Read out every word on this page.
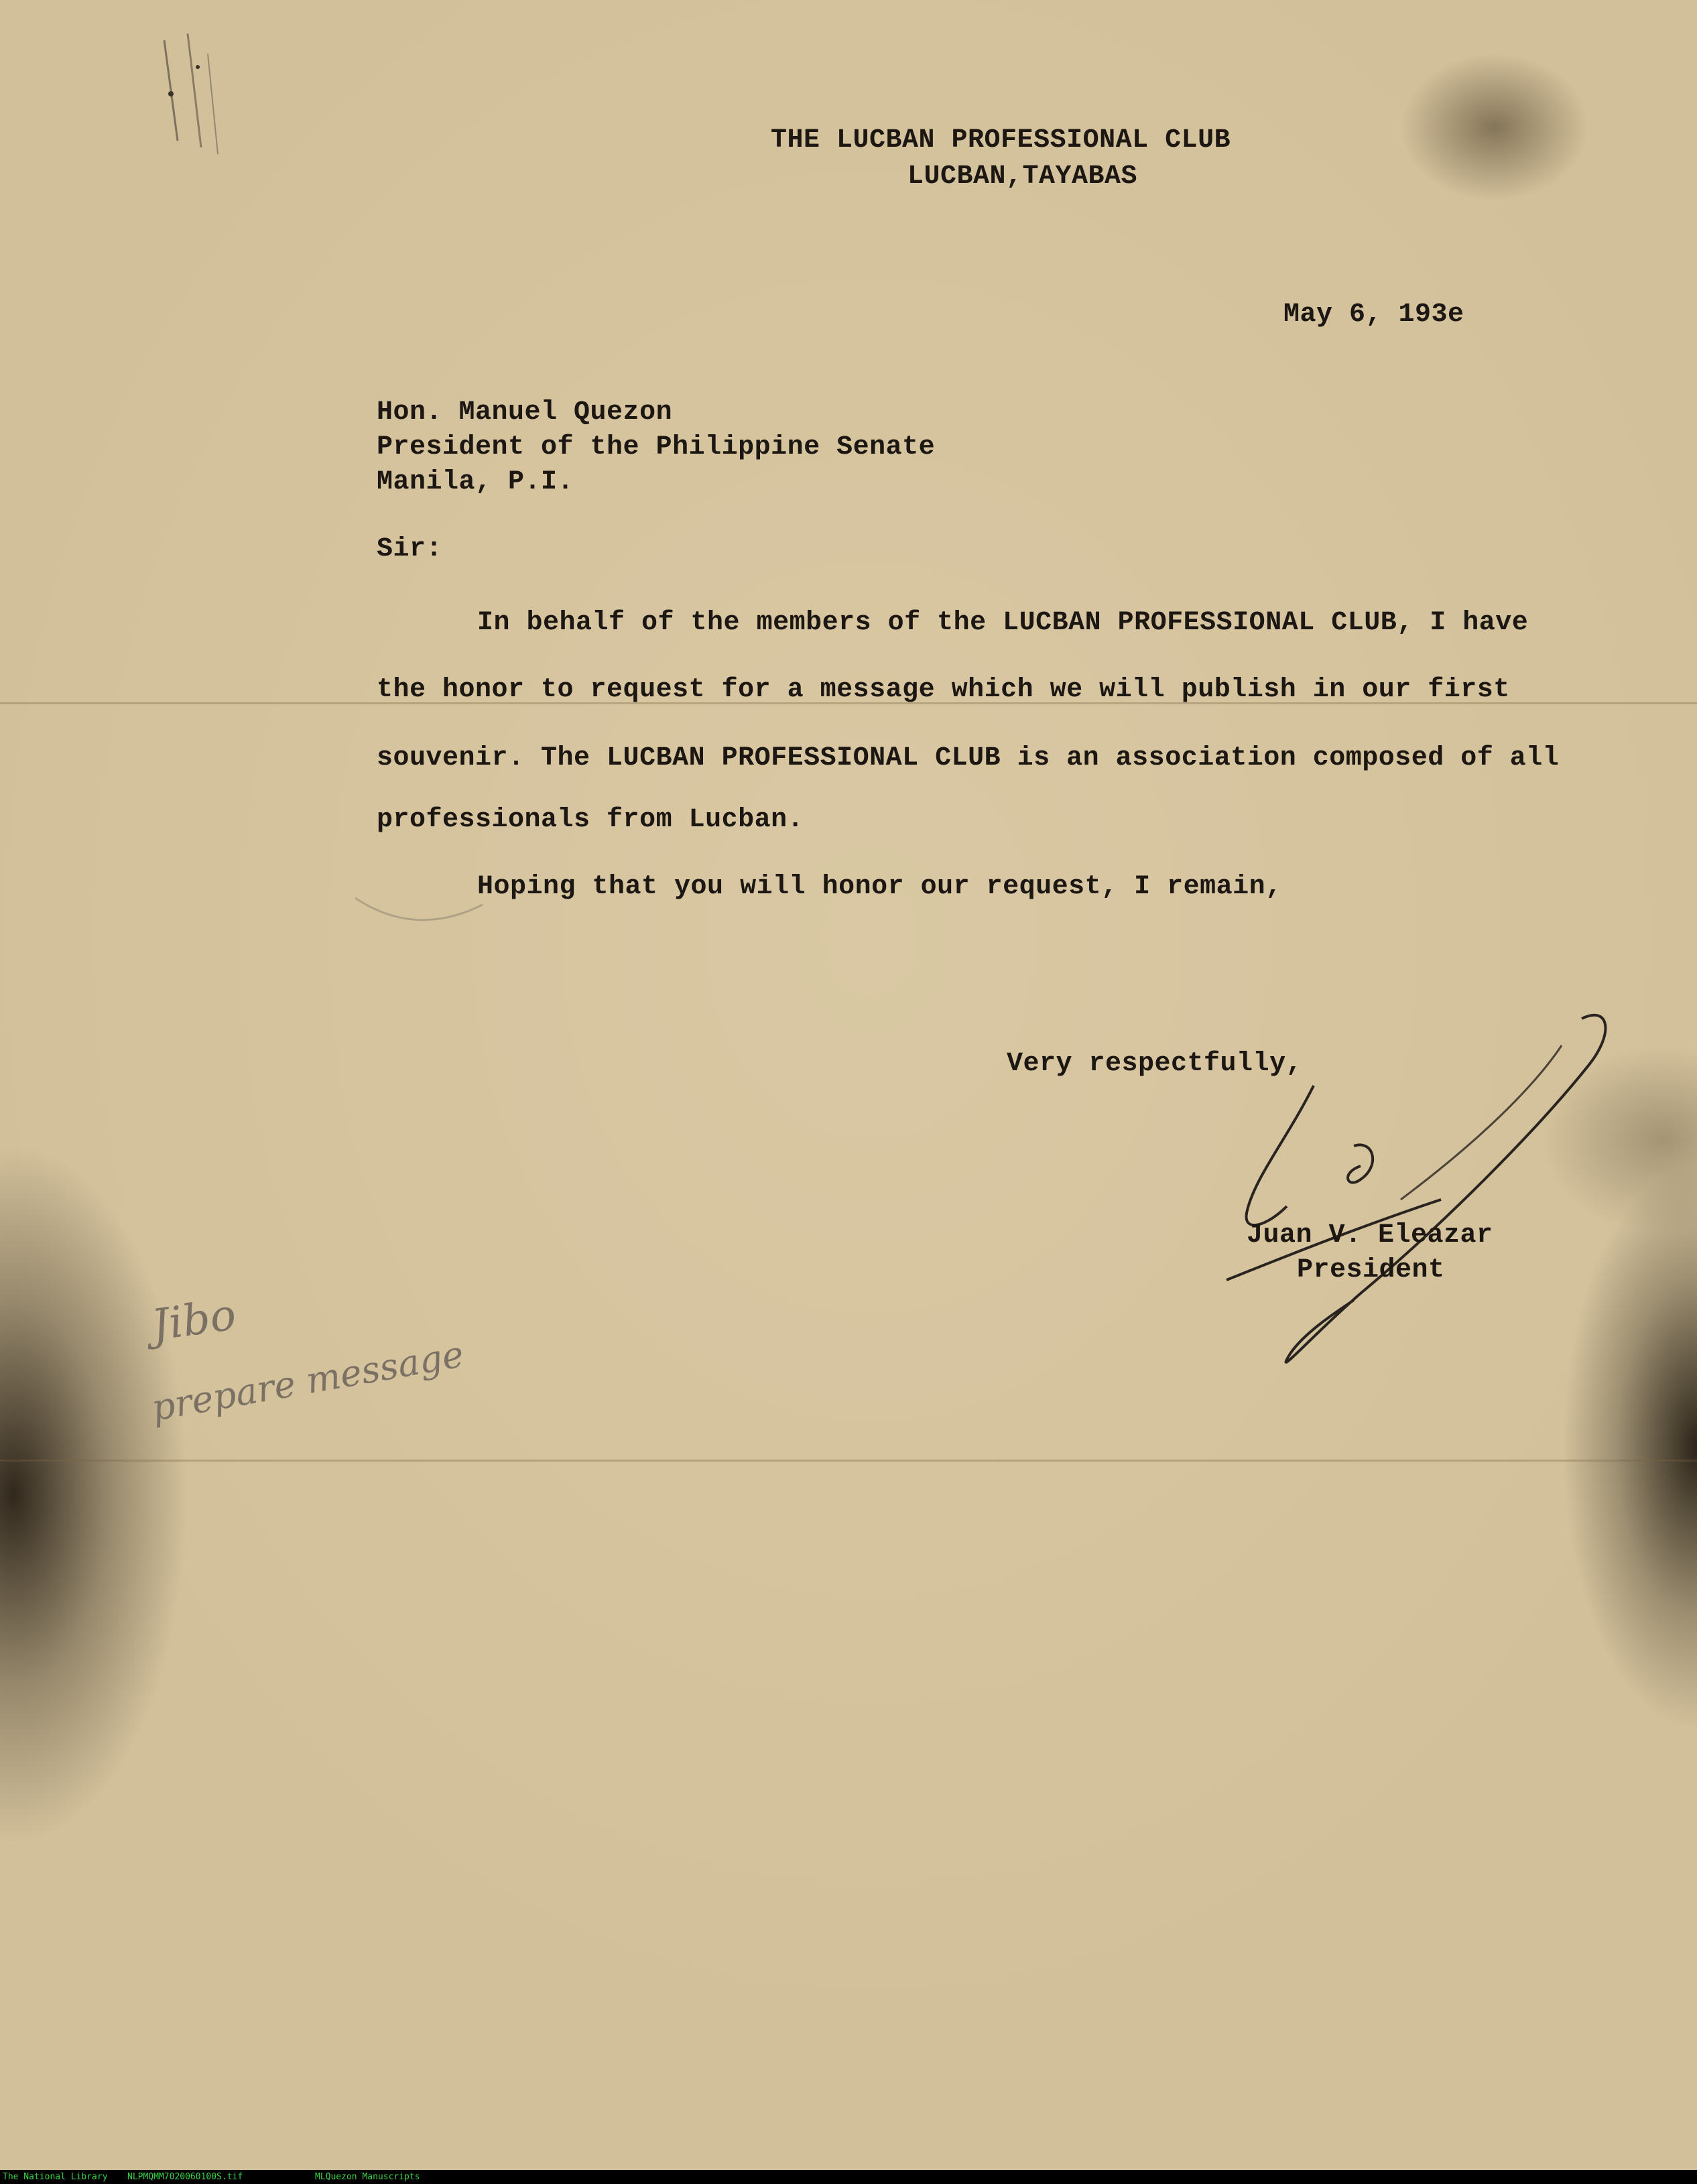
THE LUCBAN PROFESSIONAL CLUB
LUCBAN,TAYABAS
May 6, 193e
Hon. Manuel Quezon
President of the Philippine Senate
Manila, P.I.
Sir:
In behalf of the members of the LUCBAN PROFESSIONAL CLUB, I have
the honor to request for a message which we will publish in our first
souvenir. The LUCBAN PROFESSIONAL CLUB is an association composed of all
professionals from Lucban.
Hoping that you will honor our request, I remain,
Very respectfully,
Juan V. Eleazar
President
Jibo
prepare message
The National Library NLPMQMM7020060100S.tif	MLQuezon Manuscripts
